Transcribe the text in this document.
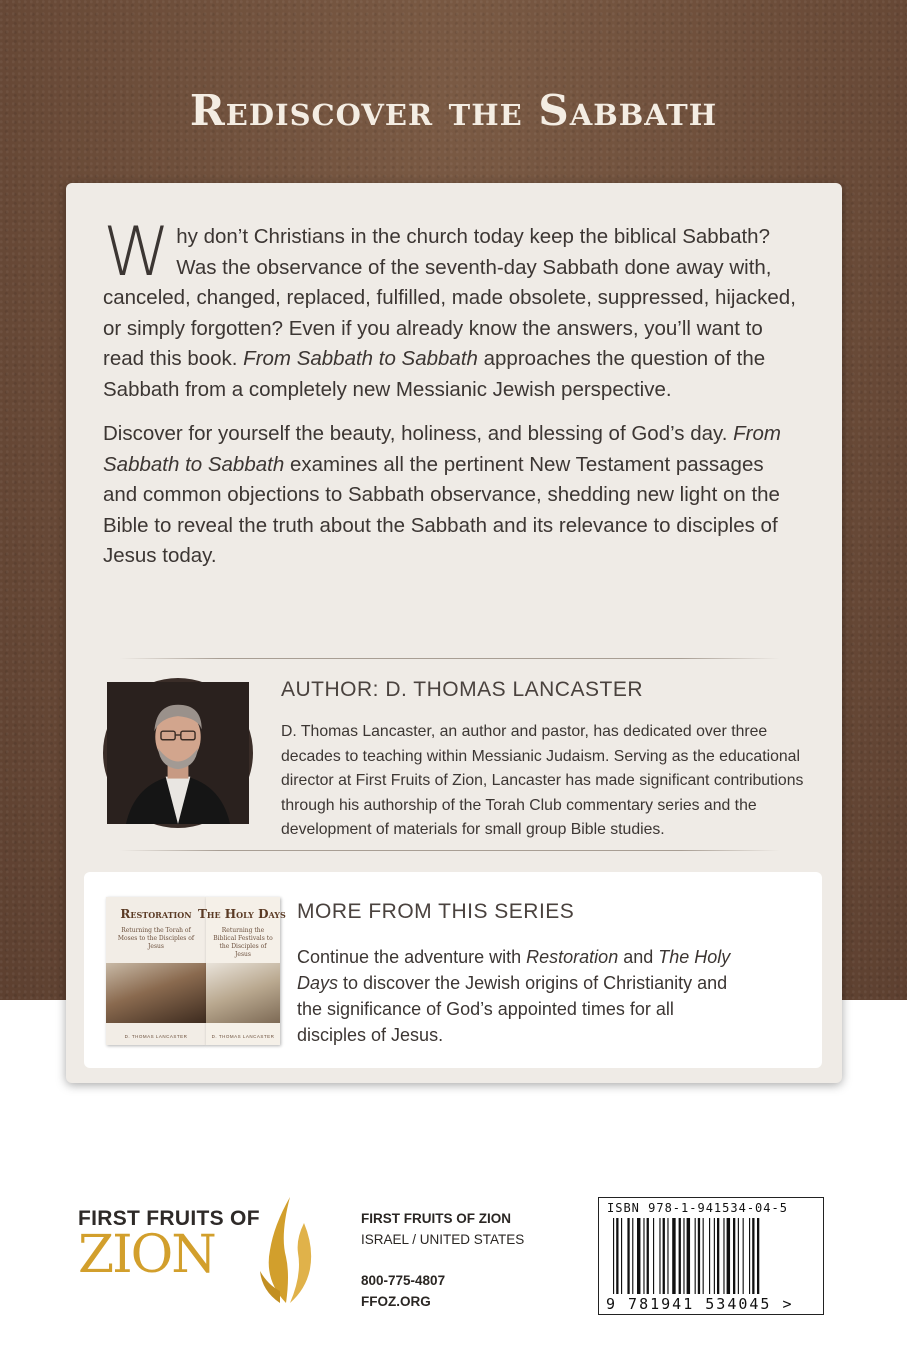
Rediscover the Sabbath

Why don’t Christians in the church today keep the biblical Sabbath? Was the observance of the seventh-day Sabbath done away with, canceled, changed, replaced, fulfilled, made obsolete, suppressed, hijacked, or simply forgotten? Even if you already know the answers, you’ll want to read this book. From Sabbath to Sabbath approaches the question of the Sabbath from a completely new Messianic Jewish perspective.

Discover for yourself the beauty, holiness, and blessing of God’s day. From Sabbath to Sabbath examines all the pertinent New Testament passages and common objections to Sabbath observance, shedding new light on the Bible to reveal the truth about the Sabbath and its relevance to disciples of Jesus today.

AUTHOR: D. THOMAS LANCASTER
D. Thomas Lancaster, an author and pastor, has dedicated over three decades to teaching within Messianic Judaism. Serving as the educational director at First Fruits of Zion, Lancaster has made significant contributions through his authorship of the Torah Club commentary series and the development of materials for small group Bible studies.
Restoration
Returning the Torah of Moses to the Disciples of Jesus
D. THOMAS LANCASTER
The Holy Days
Returning the Biblical Festivals to the Disciples of Jesus
D. THOMAS LANCASTER
MORE FROM THIS SERIES
Continue the adventure with Restoration and The Holy Days to discover the Jewish origins of Christianity and the significance of God’s appointed times for all disciples of Jesus.
FIRST FRUITS OF
ZION
FIRST FRUITS OF ZION
ISRAEL / UNITED STATES
800-775-4807
FFOZ.ORG
ISBN 978-1-941534-04-5
9 781941 534045 >
